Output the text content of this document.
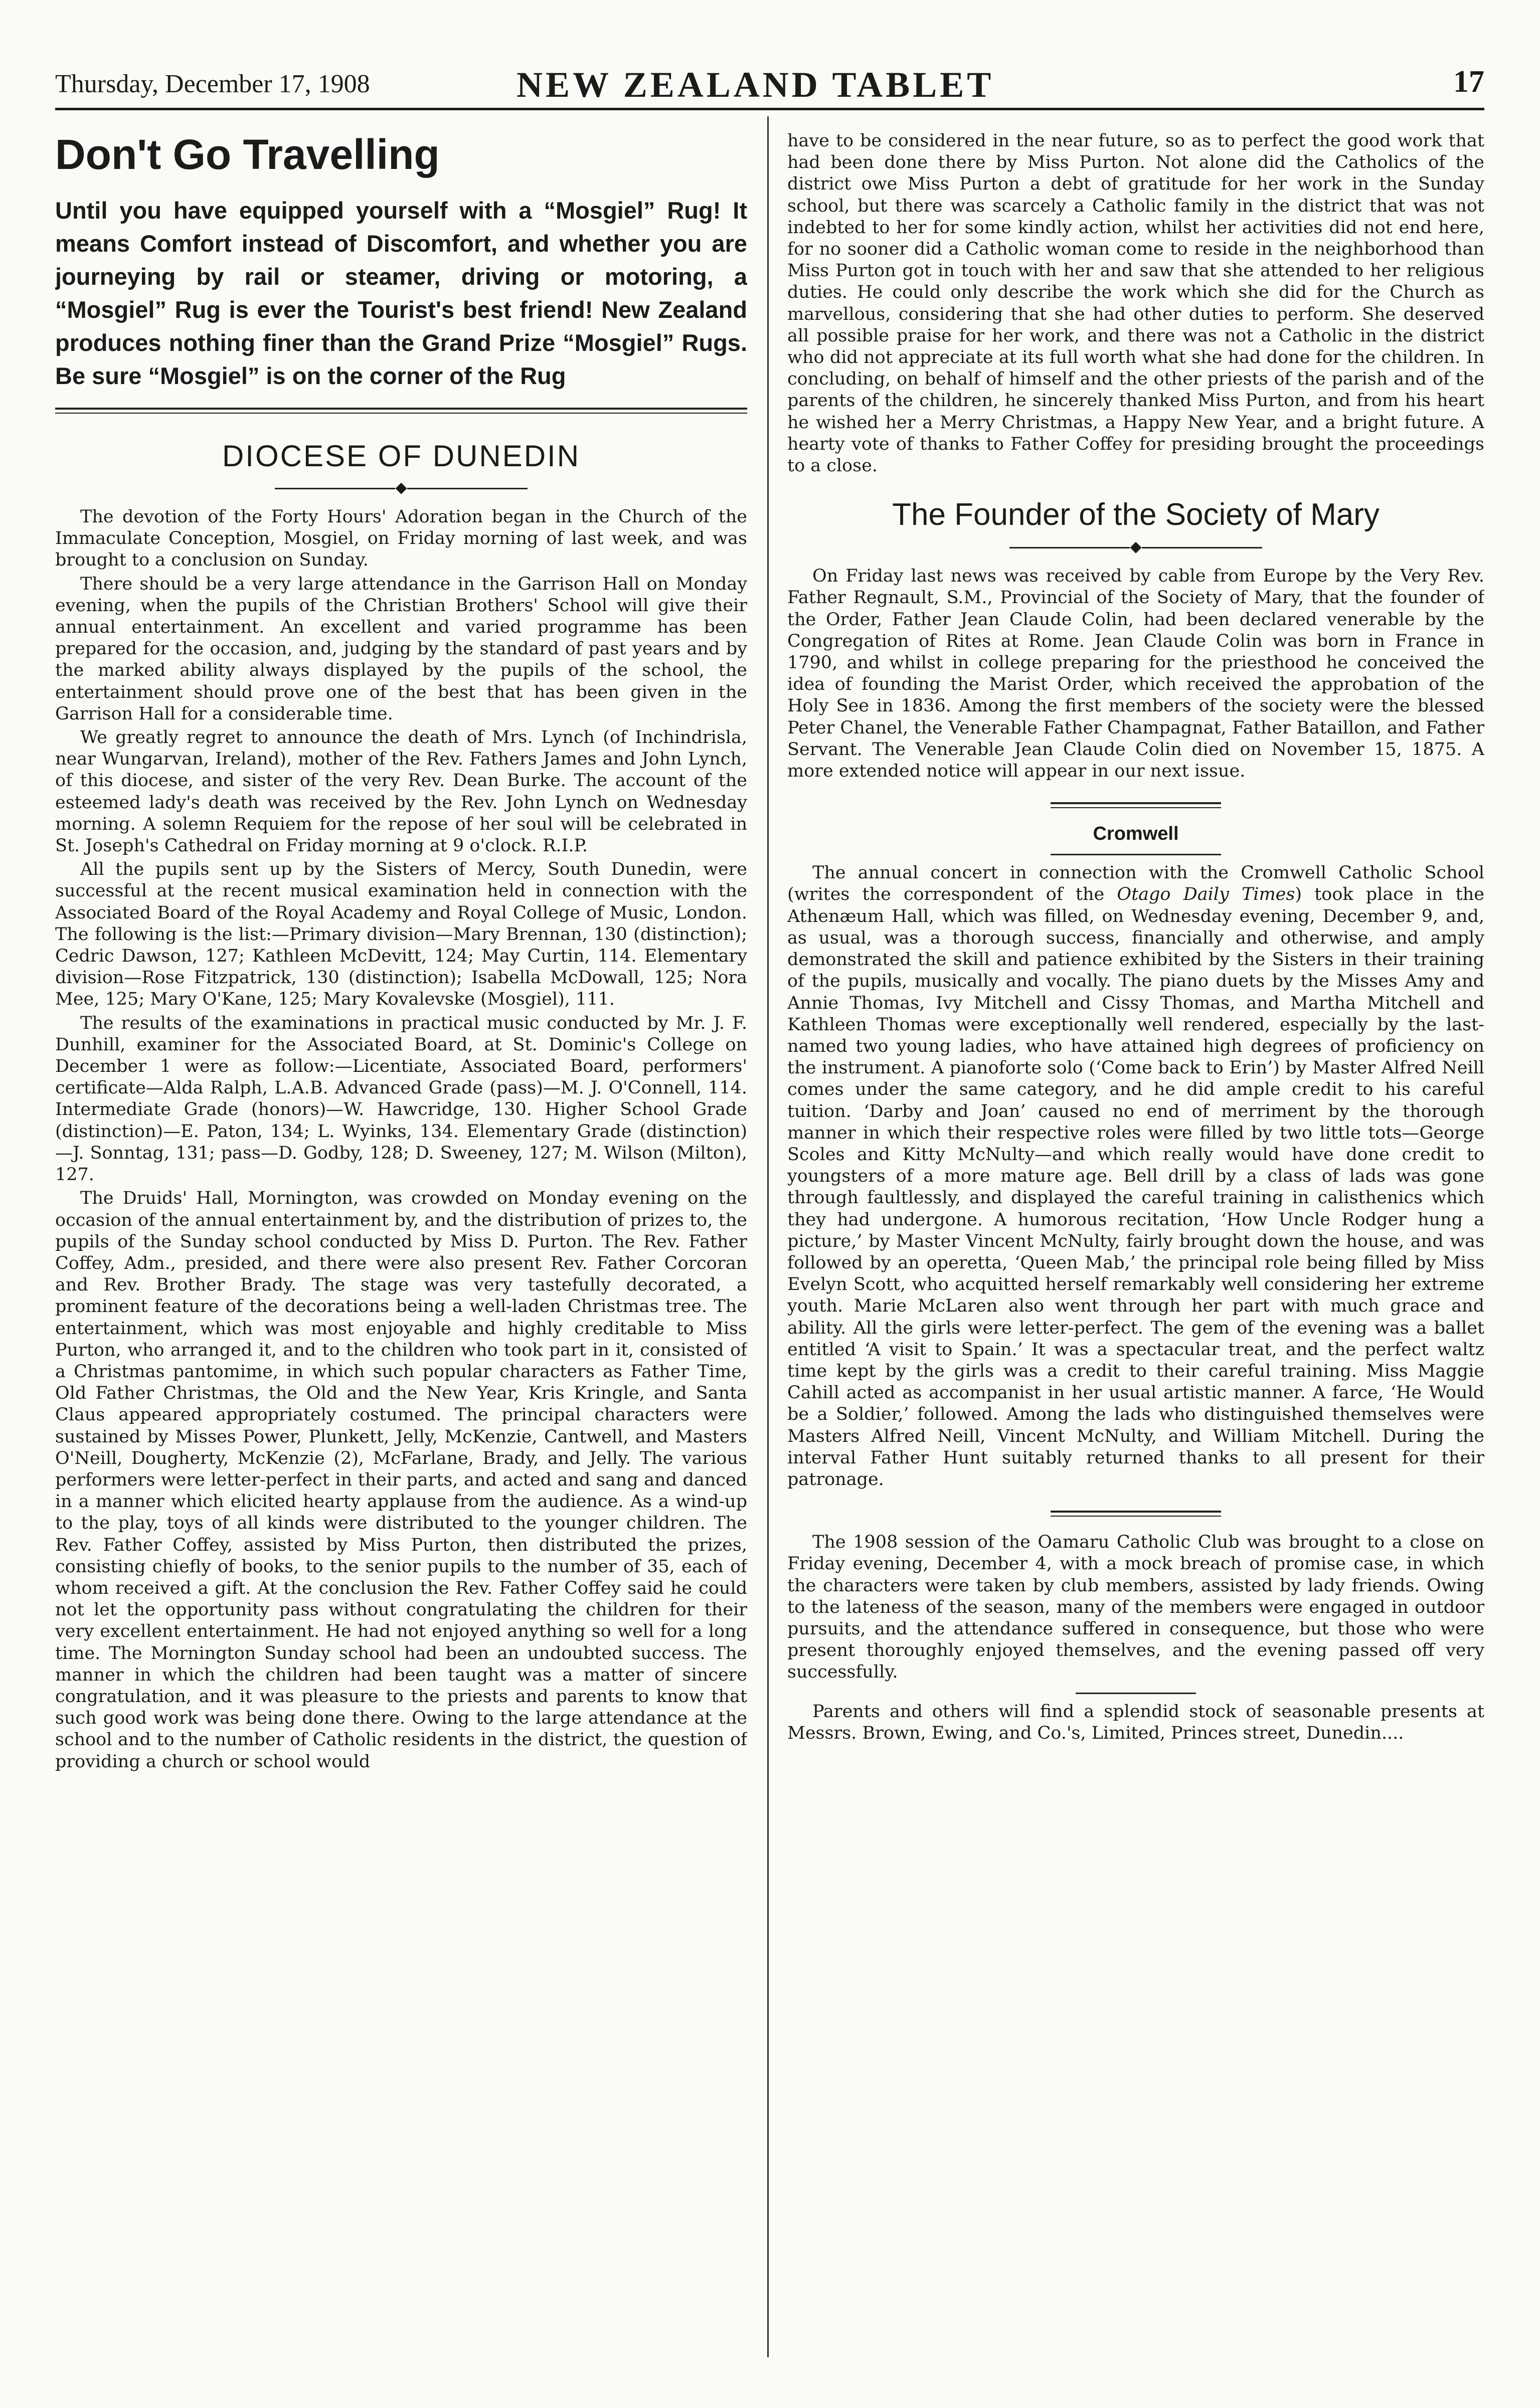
Thursday, December 17, 1908	NEW ZEALAND TABLET	17
Don't Go Travelling
Until you have equipped yourself with a “Mosgiel” Rug! It means Comfort instead of Discomfort, and whether you are journeying by rail or steamer, driving or motoring, a “Mosgiel” Rug is ever the Tourist's best friend! New Zealand produces nothing finer than the Grand Prize “Mosgiel” Rugs. Be sure “Mosgiel” is on the corner of the Rug
DIOCESE OF DUNEDIN
◆

The devotion of the Forty Hours' Adoration began in the Church of the Immaculate Conception, Mosgiel, on Friday morning of last week, and was brought to a conclusion on Sunday.

There should be a very large attendance in the Garrison Hall on Monday evening, when the pupils of the Christian Brothers' School will give their annual entertainment. An excellent and varied programme has been prepared for the occasion, and, judging by the standard of past years and by the marked ability always displayed by the pupils of the school, the entertainment should prove one of the best that has been given in the Garrison Hall for a considerable time.

We greatly regret to announce the death of Mrs. Lynch (of Inchindrisla, near Wungarvan, Ireland), mother of the Rev. Fathers James and John Lynch, of this diocese, and sister of the very Rev. Dean Burke. The account of the esteemed lady's death was received by the Rev. John Lynch on Wednesday morning. A solemn Requiem for the repose of her soul will be celebrated in St. Joseph's Cathedral on Friday morning at 9 o'clock. R.I.P.

All the pupils sent up by the Sisters of Mercy, South Dunedin, were successful at the recent musical examination held in connection with the Associated Board of the Royal Academy and Royal College of Music, London. The following is the list:—Primary division—Mary Brennan, 130 (distinction); Cedric Dawson, 127; Kathleen McDevitt, 124; May Curtin, 114. Elementary division—Rose Fitzpatrick, 130 (distinction); Isabella McDowall, 125; Nora Mee, 125; Mary O'Kane, 125; Mary Kovalevske (Mosgiel), 111.

The results of the examinations in practical music conducted by Mr. J. F. Dunhill, examiner for the Associated Board, at St. Dominic's College on December 1 were as follow:—Licentiate, Associated Board, performers' certificate—Alda Ralph, L.A.B. Advanced Grade (pass)—M. J. O'Connell, 114. Intermediate Grade (honors)—W. Hawcridge, 130. Higher School Grade (distinction)—E. Paton, 134; L. Wyinks, 134. Elementary Grade (distinction)—J. Sonntag, 131; pass—D. Godby, 128; D. Sweeney, 127; M. Wilson (Milton), 127.

The Druids' Hall, Mornington, was crowded on Monday evening on the occasion of the annual entertainment by, and the distribution of prizes to, the pupils of the Sunday school conducted by Miss D. Purton. The Rev. Father Coffey, Adm., presided, and there were also present Rev. Father Corcoran and Rev. Brother Brady. The stage was very tastefully decorated, a prominent feature of the decorations being a well-laden Christmas tree. The entertainment, which was most enjoyable and highly creditable to Miss Purton, who arranged it, and to the children who took part in it, consisted of a Christmas pantomime, in which such popular characters as Father Time, Old Father Christmas, the Old and the New Year, Kris Kringle, and Santa Claus appeared appropriately costumed. The principal characters were sustained by Misses Power, Plunkett, Jelly, McKenzie, Cantwell, and Masters O'Neill, Dougherty, McKenzie (2), McFarlane, Brady, and Jelly. The various performers were letter-perfect in their parts, and acted and sang and danced in a manner which elicited hearty applause from the audience. As a wind-up to the play, toys of all kinds were distributed to the younger children. The Rev. Father Coffey, assisted by Miss Purton, then distributed the prizes, consisting chiefly of books, to the senior pupils to the number of 35, each of whom received a gift. At the conclusion the Rev. Father Coffey said he could not let the opportunity pass without congratulating the children for their very excellent entertainment. He had not enjoyed anything so well for a long time. The Mornington Sunday school had been an undoubted success. The manner in which the children had been taught was a matter of sincere congratulation, and it was pleasure to the priests and parents to know that such good work was being done there. Owing to the large attendance at the school and to the number of Catholic residents in the district, the question of providing a church or school would

have to be considered in the near future, so as to perfect the good work that had been done there by Miss Purton. Not alone did the Catholics of the district owe Miss Purton a debt of gratitude for her work in the Sunday school, but there was scarcely a Catholic family in the district that was not indebted to her for some kindly action, whilst her activities did not end here, for no sooner did a Catholic woman come to reside in the neighborhood than Miss Purton got in touch with her and saw that she attended to her religious duties. He could only describe the work which she did for the Church as marvellous, considering that she had other duties to perform. She deserved all possible praise for her work, and there was not a Catholic in the district who did not appreciate at its full worth what she had done for the children. In concluding, on behalf of himself and the other priests of the parish and of the parents of the children, he sincerely thanked Miss Purton, and from his heart he wished her a Merry Christmas, a Happy New Year, and a bright future. A hearty vote of thanks to Father Coffey for presiding brought the proceedings to a close.

The Founder of the Society of Mary
◆

On Friday last news was received by cable from Europe by the Very Rev. Father Regnault, S.M., Provincial of the Society of Mary, that the founder of the Order, Father Jean Claude Colin, had been declared venerable by the Congregation of Rites at Rome. Jean Claude Colin was born in France in 1790, and whilst in college preparing for the priesthood he conceived the idea of founding the Marist Order, which received the approbation of the Holy See in 1836. Among the first members of the society were the blessed Peter Chanel, the Venerable Father Champagnat, Father Bataillon, and Father Servant. The Venerable Jean Claude Colin died on November 15, 1875. A more extended notice will appear in our next issue.

Cromwell

The annual concert in connection with the Cromwell Catholic School (writes the correspondent of the Otago Daily Times) took place in the Athenæum Hall, which was filled, on Wednesday evening, December 9, and, as usual, was a thorough success, financially and otherwise, and amply demonstrated the skill and patience exhibited by the Sisters in their training of the pupils, musically and vocally. The piano duets by the Misses Amy and Annie Thomas, Ivy Mitchell and Cissy Thomas, and Martha Mitchell and Kathleen Thomas were exceptionally well rendered, especially by the last-named two young ladies, who have attained high degrees of proficiency on the instrument. A pianoforte solo (‘Come back to Erin’) by Master Alfred Neill comes under the same category, and he did ample credit to his careful tuition. ‘Darby and Joan’ caused no end of merriment by the thorough manner in which their respective roles were filled by two little tots—George Scoles and Kitty McNulty—and which really would have done credit to youngsters of a more mature age. Bell drill by a class of lads was gone through faultlessly, and displayed the careful training in calisthenics which they had undergone. A humorous recitation, ‘How Uncle Rodger hung a picture,’ by Master Vincent McNulty, fairly brought down the house, and was followed by an operetta, ‘Queen Mab,’ the principal role being filled by Miss Evelyn Scott, who acquitted herself remarkably well considering her extreme youth. Marie McLaren also went through her part with much grace and ability. All the girls were letter-perfect. The gem of the evening was a ballet entitled ‘A visit to Spain.’ It was a spectacular treat, and the perfect waltz time kept by the girls was a credit to their careful training. Miss Maggie Cahill acted as accompanist in her usual artistic manner. A farce, ‘He Would be a Soldier,’ followed. Among the lads who distinguished themselves were Masters Alfred Neill, Vincent McNulty, and William Mitchell. During the interval Father Hunt suitably returned thanks to all present for their patronage.

The 1908 session of the Oamaru Catholic Club was brought to a close on Friday evening, December 4, with a mock breach of promise case, in which the characters were taken by club members, assisted by lady friends. Owing to the lateness of the season, many of the members were engaged in outdoor pursuits, and the attendance suffered in consequence, but those who were present thoroughly enjoyed themselves, and the evening passed off very successfully.

Parents and others will find a splendid stock of seasonable presents at Messrs. Brown, Ewing, and Co.'s, Limited, Princes street, Dunedin....
